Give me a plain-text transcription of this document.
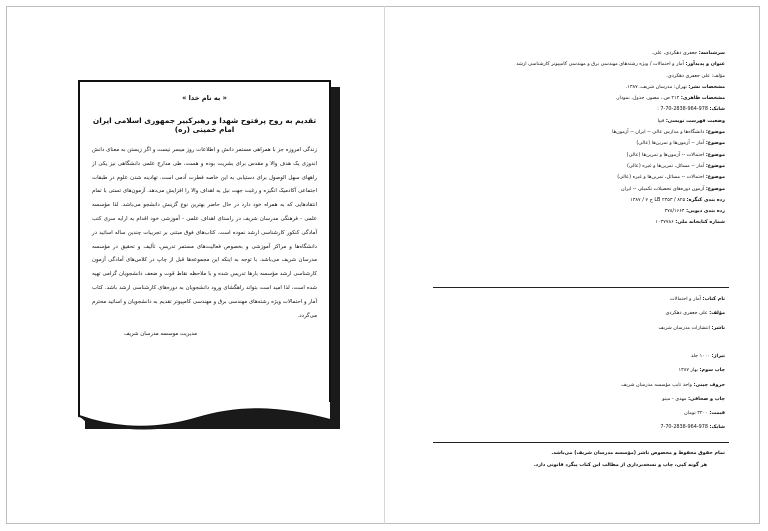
« به نام خدا »
تقدیم به روح پرفتوح شهدا و رهبرکبیر جمهوری اسلامی ایران امام خمینی (ره)
زندگی امروزه جز با همراهی مستمر دانش و اطلاعات روز میسر نیست و اگر زیستن به معنای دانش اندوزی یک هدف والا و مقدس برای بشریت بوده و هست، طی مدارج علمی دانشگاهی نیز یکی از راههای سهل الوصول برای دستیابی به این خاصه فطرت آدمی است. تهادینه شدن علوم در طبقات اجتماعی آکادمیک انگیزه و رغبت جهت نیل به اهداف والا را افزایش می‌دهد. آزمون‌های تستی با تمام انتقادهایی که به همراه خود دارد در حال حاضر بهترین نوع گزینش دانشجو می‌باشد. لذا مؤسسه علمی - فرهنگی مدرسان شریف در راستای اهداف علمی - آموزشی خود اقدام به ارایه سری کتب آمادگی کنکور کارشناسی ارشد نموده است. کتاب‌های فوق مبتنی بر تجربیات چندین ساله اساتید در دانشگاه‌ها و مراکز آموزشی و بخصوص فعالیت‌های مستمر تدریس، تألیف و تحقیق در مؤسسه مدرسان شریف می‌باشد. با توجه به اینکه این مجموعه‌ها قبل از چاپ در کلاس‌های آمادگی آزمون کارشناسی ارشد مؤسسه بارها تدریس شده و با ملاحظه نقاط قوت و ضعف دانشجویان گرامی تهیه شده است، لذا امید است بتواند راهگشای ورود دانشجویان به دوره‌های کارشناسی ارشد باشد. کتاب آمار و احتمالات ویژه رشته‌های مهندسی برق و مهندسی کامپیوتر تقدیم به دانشجویان و اساتید محترم می‌گردد.
مدیریت موسسه مدرسان شریف
سرشناسه: جعفری دهکردی، علی.
عنوان و پدیدآور: آمار و احتمالات / ویژه رشته‌های مهندسی برق و مهندسی کامپیوتر کارشناسی ارشد
مؤلف: علی جعفری دهکردی.
مشخصات نشر: تهران: مدرسان شریف، ۱۳۸۷.
مشخصات ظاهری: ۲۱۴ ص.، مصور، جدول، نمودار.
شابک: 978-964-2838-70-7 :
وضعیت فهرست نویسی: فیپا
موضوع: دانشگاه‌ها و مدارس عالی -- ایران -- آزمون‌ها
موضوع: آمار -- آزمون‌ها و تمرین‌ها (عالی)
موضوع: احتمالات -- آزمون‌ها و تمرین‌ها (عالی)
موضوع: آمار -- مسائل، تمرین‌ها و غیره (عالی)
موضوع: احتمالات -- مسائل، تمرین‌ها و غیره (عالی)
موضوع: آزمون دوره‌های تحصیلات تکمیلی -- ایران
رده بندی کنگره: LB ۲۳۵۳ / ۸۲۵ ج ۷ / ۱۳۸۷
رده بندی دیویی: ۳۷۸/۱۶۶۴
شماره کتابخانه ملی: ۱۰۳۷۷۸۶
نام کتاب: آمار و احتمالات
مؤلف: علی جعفری دهکردی
ناشر: انتشارات مدرسان شریف
تیراژ: ۱۰۰۰ جلد
چاپ سوم: بهار ۱۳۸۷
حروف چینی: واحد تایپ مؤسسه مدرسان شریف
چاپ و صحافی: مهدی - مینو
قیمت: ۳۲۰۰ تومان
شابک: 978-964-2838-70-7
تمام حقوق محفوظ و مخصوص ناشر (مؤسسه مدرسان شریف) می‌باشد.
هر گونه کپی، چاپ و نسخه‌برداری از مطالب این کتاب پیگرد قانونی دارد.
